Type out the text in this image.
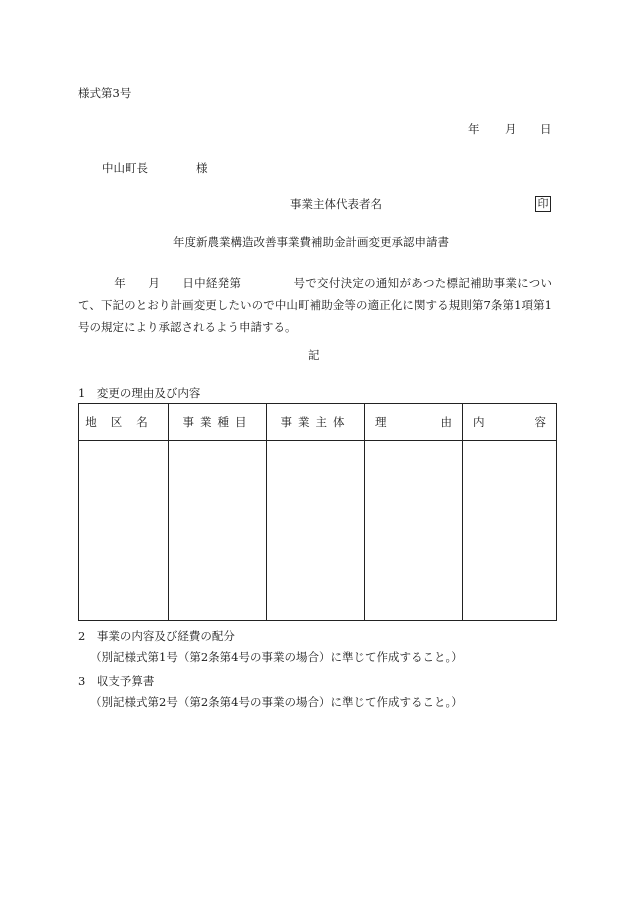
様式第3号
年 月 日
中山町長	様
事業主体代表者名	印
年度新農業構造改善事業費補助金計画変更承認申請書
年 月 日中経発第	号で交付決定の通知があつた標記補助事業について、下記のとおり計画変更したいので中山町補助金等の適正化に関する規則第7条第1項第1号の規定により承認されるよう申請する。
記
1　変更の理由及び内容
地区名	事業種目	事業主体	理 由	内 容

2　事業の内容及び経費の配分
（別記様式第1号（第2条第4号の事業の場合）に準じて作成すること。）
3　収支予算書
（別記様式第2号（第2条第4号の事業の場合）に準じて作成すること。）
